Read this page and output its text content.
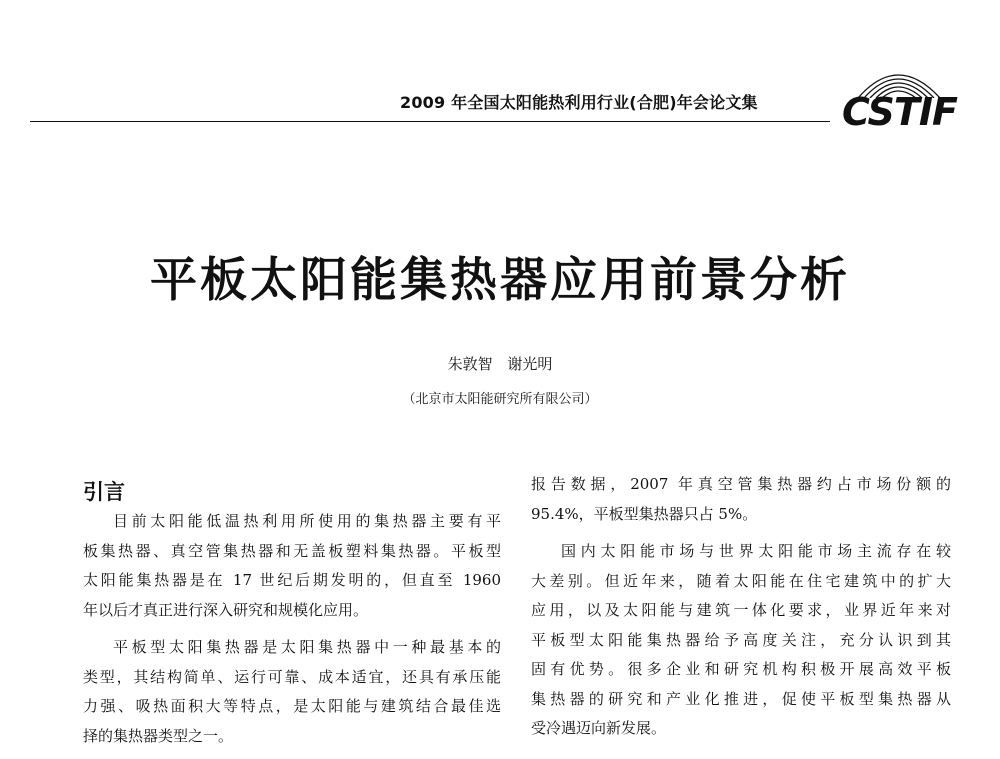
2009 年全国太阳能热利用行业(合肥)年会论文集 CSTIF
平板太阳能集热器应用前景分析
朱敦智 谢光明
（北京市太阳能研究所有限公司）
引言

目前太阳能低温热利用所使用的集热器主要有平
板集热器、真空管集热器和无盖板塑料集热器。平板型
太阳能集热器是在 17 世纪后期发明的，但直至 1960
年以后才真正进行深入研究和规模化应用。

平板型太阳集热器是太阳集热器中一种最基本的
类型，其结构简单、运行可靠、成本适宜，还具有承压能
力强、吸热面积大等特点，是太阳能与建筑结合最佳选
择的集热器类型之一。

报告数据，2007 年真空管集热器约占市场份额的
95.4%，平板型集热器只占 5%。

国内太阳能市场与世界太阳能市场主流存在较
大差别。但近年来，随着太阳能在住宅建筑中的扩大
应用，以及太阳能与建筑一体化要求，业界近年来对
平板型太阳能集热器给予高度关注，充分认识到其
固有优势。很多企业和研究机构积极开展高效平板
集热器的研究和产业化推进，促使平板型集热器从
受冷遇迈向新发展。
